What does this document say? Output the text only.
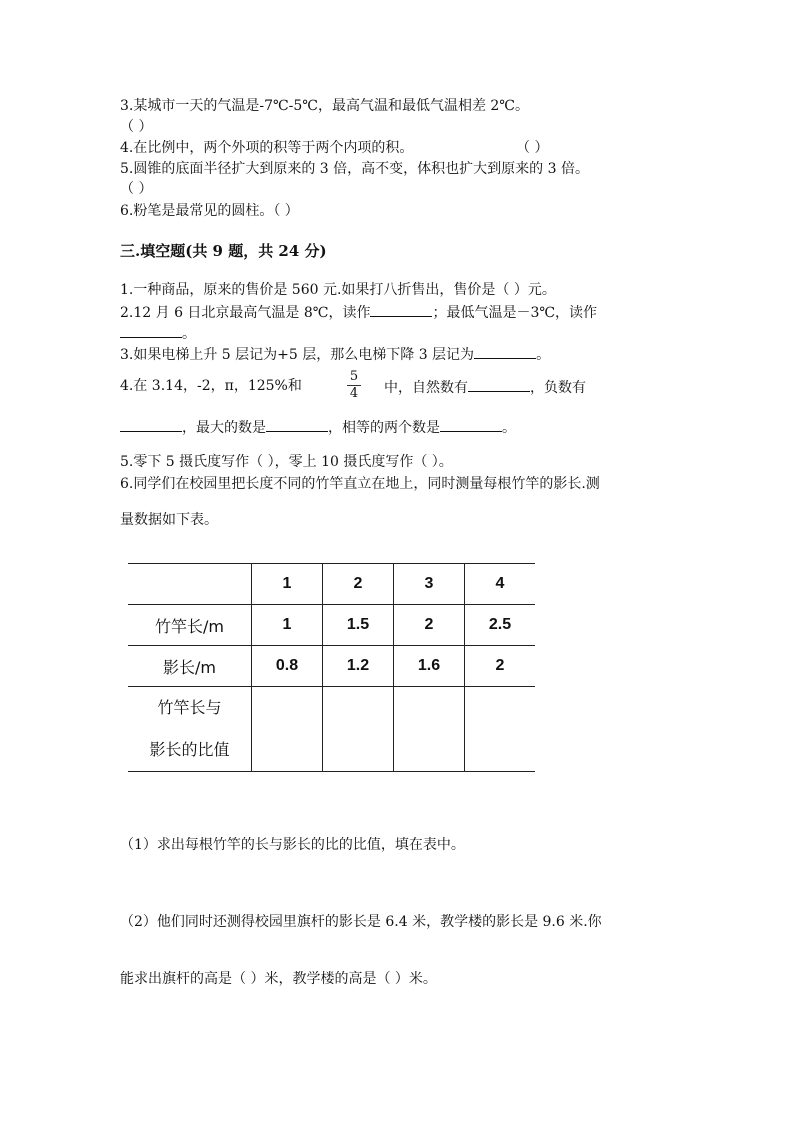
3.某城市一天的气温是-7℃-5℃，最高气温和最低气温相差 2℃。
（ ）
4.在比例中，两个外项的积等于两个内项的积。	（ ）
5.圆锥的底面半径扩大到原来的 3 倍，高不变，体积也扩大到原来的 3 倍。
（ ）
6.粉笔是最常见的圆柱。（ ）
三.填空题(共 9 题，共 24 分)
1.一种商品，原来的售价是 560 元.如果打八折售出，售价是（ ）元。
2.12 月 6 日北京最高气温是 8℃，读作	；最低气温是－3℃，读作
。
3.如果电梯上升 5 层记为+5 层，那么电梯下降 3 层记为	。
4.在 3.14，-2，π，125%和	$\frac{5}{4}$ 中，自然数有	，负数有
，最大的数是	，相等的两个数是	。
5.零下 5 摄氏度写作（ ），零上 10 摄氏度写作（ ）。
6.同学们在校园里把长度不同的竹竿直立在地上，同时测量每根竹竿的影长.测
量数据如下表。
	1	2	3	4
竹竿长/m	1	1.5	2	2.5
影长/m	0.8	1.2	1.6	2
竹竿长与
影长的比值				
（1）求出每根竹竿的长与影长的比的比值，填在表中。
（2）他们同时还测得校园里旗杆的影长是 6.4 米，教学楼的影长是 9.6 米.你
能求出旗杆的高是（ ）米，教学楼的高是（ ）米。
